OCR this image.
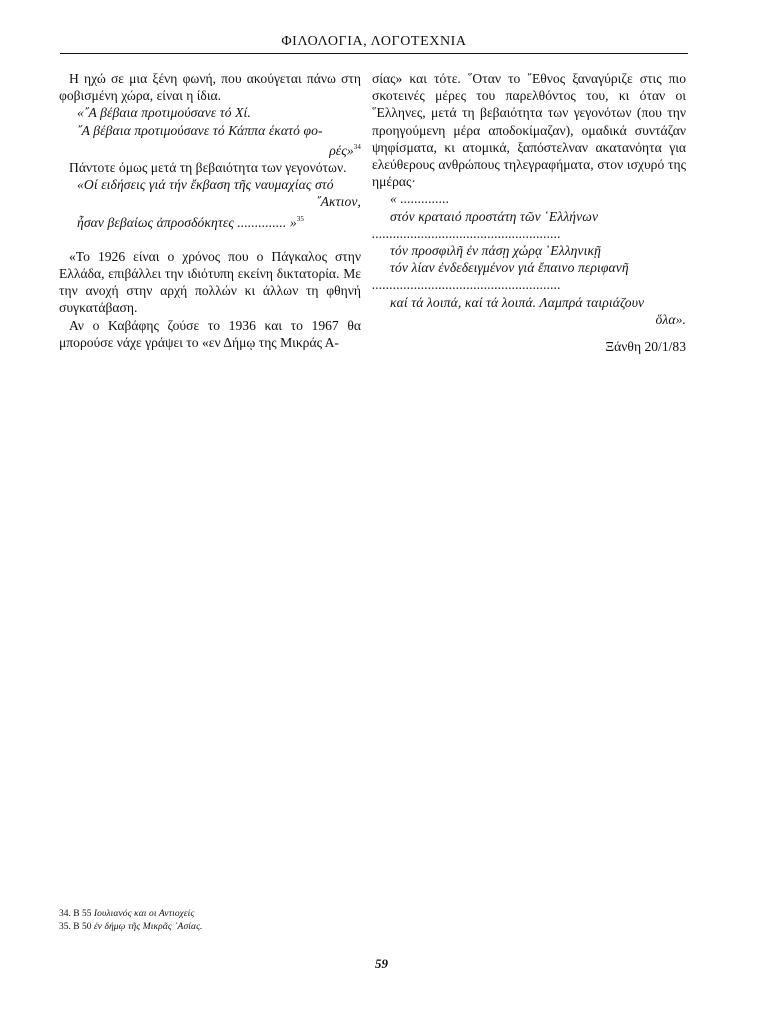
ΦΙΛΟΛΟΓΙΑ, ΛΟΓΟΤΕΧΝΙΑ

Η ηχώ σε μια ξένη φωνή, που ακούγεται πάνω στη φοβισμένη χώρα, είναι η ίδια.

«῎Α βέβαια προτιμούσανε τό Χί.

῎Α βέβαια προτιμούσανε τό Κάππα έκατό φο-

ρές»$^{34}$

Πάντοτε όμως μετά τη βεβαιότητα των γεγονότων.

«Οί ειδήσεις γιά τήν ἔκβαση τῆς ναυμαχίας στό

῎Ακτιον,

ἦσαν βεβαίως ἀπροσδόκητες .............. »$^{35}$

«Το 1926 είναι ο χρόνος που ο Πάγκαλος στην Ελλάδα, επιβάλλει την ιδιότυπη εκείνη δικτατορία. Με την ανοχή στην αρχή πολλών κι άλλων τη φθηνή συγκατάβαση.

Αν ο Καβάφης ζούσε το 1936 και το 1967 θα μπορούσε νάχε γράψει το «εν Δήμῳ της Μικράς Α-

σίας» και τότε. ῞Οταν το ῎Εθνος ξαναγύριζε στις πιο σκοτεινές μέρες του παρελθόντος του, κι όταν οι ῞Ελληνες, μετά τη βεβαιότητα των γεγονότων (που την προηγούμενη μέρα αποδοκίμαζαν), ομαδικά συντάζαν ψηφίσματα, κι ατομικά, ξαπόστελναν ακατανόητα για ελεύθερους ανθρώπους τηλεγραφήματα, στον ισχυρό της ημέρας·

« ..............

στόν κραταιό προστάτη τῶν ῾Ελλήνων

......................................................

τόν προσφιλῆ ἐν πάσῃ χώρᾳ ῾Ελληνικῇ

τόν λίαν ἐνδεδειγμένον γιά ἔπαινο περιφανῆ

......................................................

καί τά λοιπά, καί τά λοιπά. Λαμπρά ταιριάζουν

ὅλα».

Ξάνθη 20/1/83

34. Β 55 Ιουλιανός και οι Αντιοχείς
35. Β 50 ἐν δήμῳ τῆς Μικρᾶς ᾽Ασίας.
59
